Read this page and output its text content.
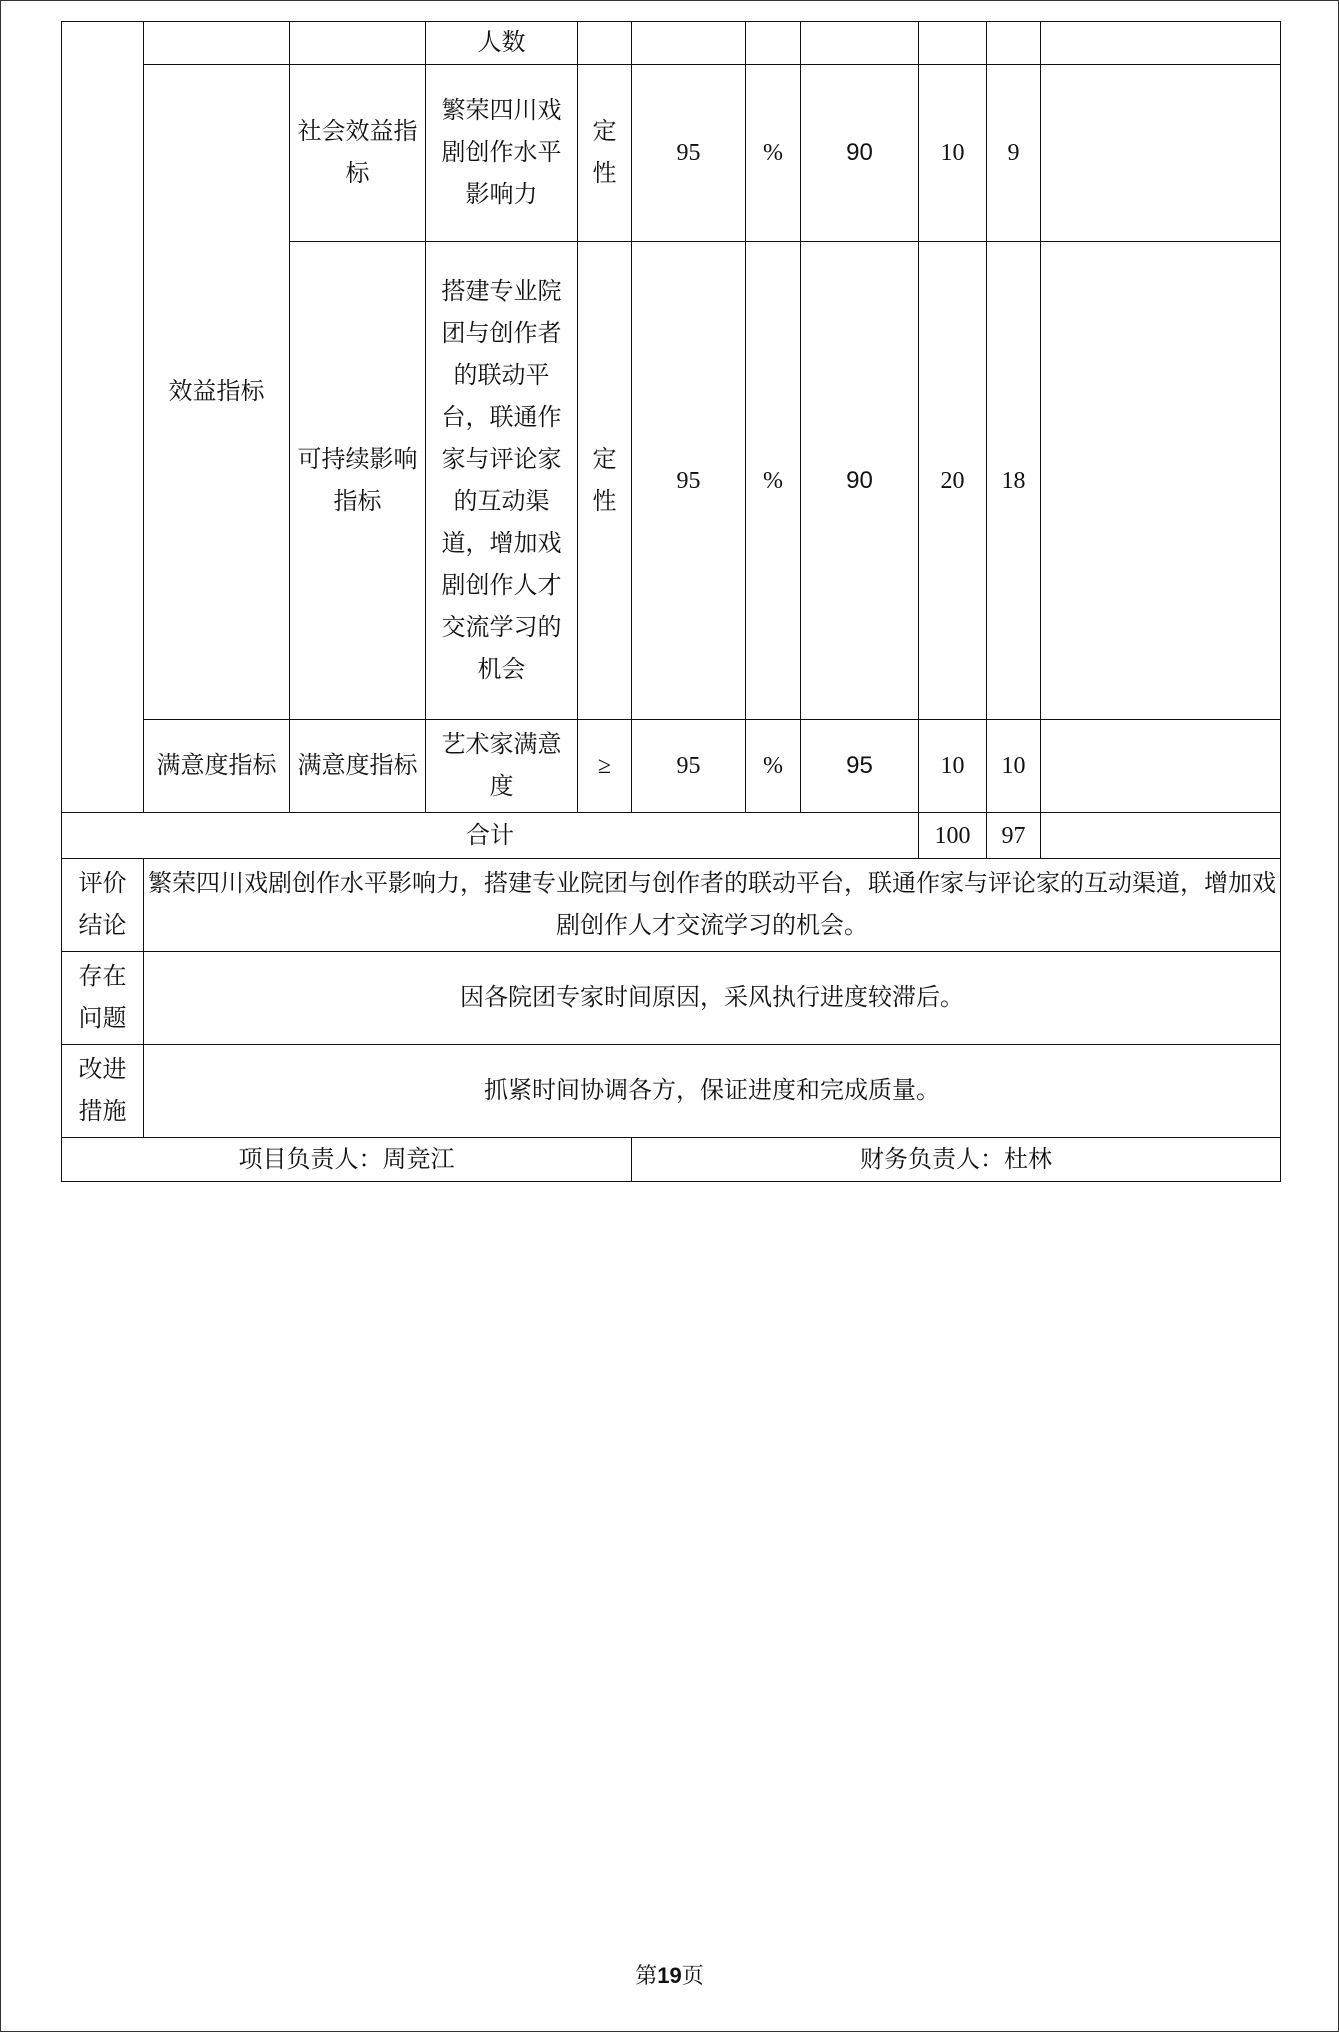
			人数							
	效益指标	社会效益指标	繁荣四川戏剧创作水平影响力	定性	95	%	90	10	9	

		可持续影响指标	搭建专业院团与创作者的联动平台，联通作家与评论家的互动渠道，增加戏剧创作人才交流学习的机会	定性	95	%	90	20	18	

	满意度指标	满意度指标	艺术家满意度	≥	95	%	95	10	10	
合计								100	97	

评价结论	繁荣四川戏剧创作水平影响力，搭建专业院团与创作者的联动平台，联通作家与评论家的互动渠道，增加戏剧创作人才交流学习的机会。									

存在问题	因各院团专家时间原因，采风执行进度较滞后。									

改进措施	抓紧时间协调各方，保证进度和完成质量。									
项目负责人：周竞江					财务负责人：杜林					
第19页
